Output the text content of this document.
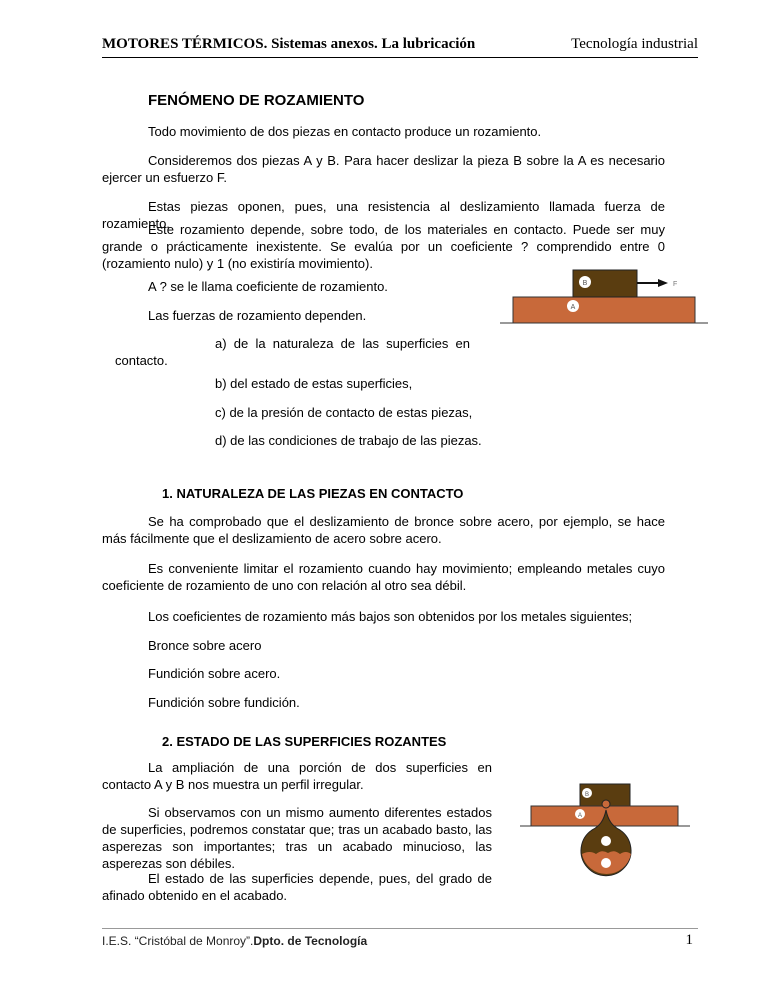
MOTORES TÉRMICOS. Sistemas anexos. La lubricación	Tecnología industrial
FENÓMENO DE ROZAMIENTO
Todo movimiento de dos piezas en contacto produce un rozamiento.
Consideremos dos piezas A y B. Para hacer deslizar la pieza B sobre la A es necesario ejercer un esfuerzo F.
Estas piezas oponen, pues, una resistencia al deslizamiento llamada fuerza de rozamiento.
Este rozamiento depende, sobre todo, de los materiales en contacto. Puede ser muy grande o prácticamente inexistente. Se evalúa por un coeficiente ? comprendido entre 0 (rozamiento nulo) y 1 (no existiría movimiento).
A ? se le llama coeficiente de rozamiento.
Las fuerzas de rozamiento dependen.
a) de la naturaleza de las superficies en
contacto.
b) del estado de estas superficies,
c) de la presión de contacto de estas piezas,
d) de las condiciones de trabajo de las piezas.
B
A
F
1. NATURALEZA DE LAS PIEZAS EN CONTACTO
Se ha comprobado que el deslizamiento de bronce sobre acero, por ejemplo, se hace más fácilmente que el deslizamiento de acero sobre acero.
Es conveniente limitar el rozamiento cuando hay movimiento; empleando metales cuyo coeficiente de rozamiento de uno con relación al otro sea débil.
Los coeficientes de rozamiento más bajos son obtenidos por los metales siguientes;
Bronce sobre acero
Fundición sobre acero.
Fundición sobre fundición.
2. ESTADO DE LAS SUPERFICIES ROZANTES
La ampliación de una porción de dos superficies en contacto A y B nos muestra un perfil irregular.
Si observamos con un mismo aumento diferentes estados de superficies, podremos constatar que; tras un acabado basto, las asperezas son importantes; tras un acabado minucioso, las asperezas son débiles.
El estado de las superficies depende, pues, del grado de afinado obtenido en el acabado.
B
A
I.E.S. “Cristóbal de Monroy”.Dpto. de Tecnología	1
